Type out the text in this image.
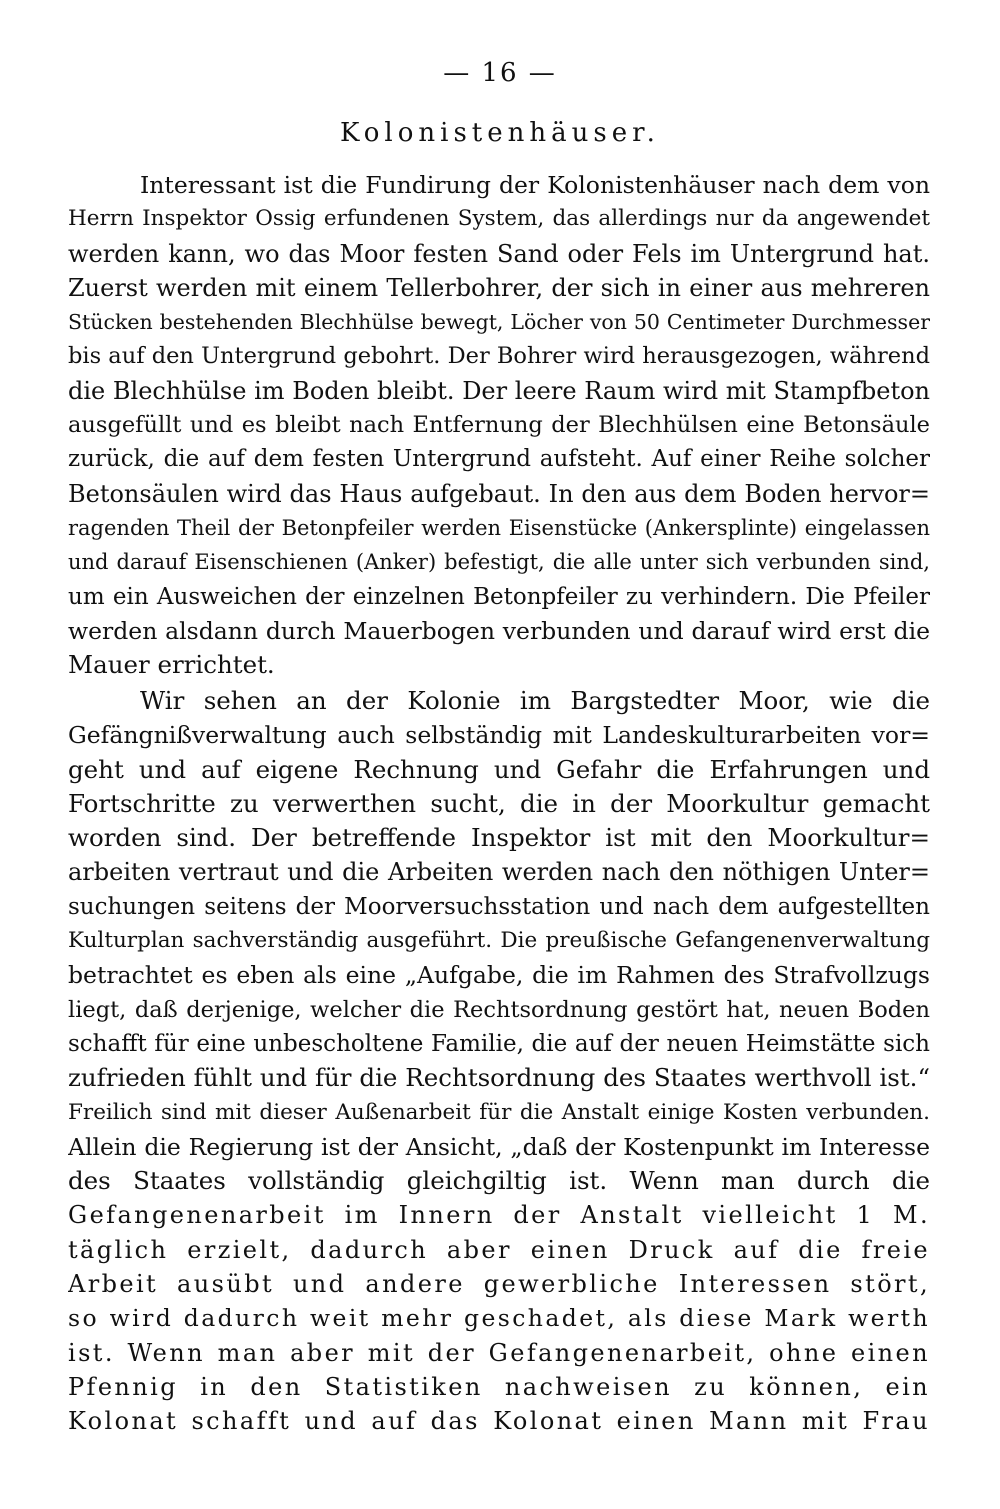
— 16 —
Kolonistenhäuser.
Interessant ist die Fundirung der Kolonistenhäuser nach dem von
Herrn Inspektor Ossig erfundenen System, das allerdings nur da angewendet
werden kann, wo das Moor festen Sand oder Fels im Untergrund hat.
Zuerst werden mit einem Tellerbohrer, der sich in einer aus mehreren
Stücken bestehenden Blechhülse bewegt, Löcher von 50 Centimeter Durchmesser
bis auf den Untergrund gebohrt. Der Bohrer wird herausgezogen, während
die Blechhülse im Boden bleibt. Der leere Raum wird mit Stampfbeton
ausgefüllt und es bleibt nach Entfernung der Blechhülsen eine Betonsäule
zurück, die auf dem festen Untergrund aufsteht. Auf einer Reihe solcher
Betonsäulen wird das Haus aufgebaut. In den aus dem Boden hervor=
ragenden Theil der Betonpfeiler werden Eisenstücke (Ankersplinte) eingelassen
und darauf Eisenschienen (Anker) befestigt, die alle unter sich verbunden sind,
um ein Ausweichen der einzelnen Betonpfeiler zu verhindern. Die Pfeiler
werden alsdann durch Mauerbogen verbunden und darauf wird erst die
Mauer errichtet.
Wir sehen an der Kolonie im Bargstedter Moor, wie die
Gefängnißverwaltung auch selbständig mit Landeskulturarbeiten vor=
geht und auf eigene Rechnung und Gefahr die Erfahrungen und
Fortschritte zu verwerthen sucht, die in der Moorkultur gemacht
worden sind. Der betreffende Inspektor ist mit den Moorkultur=
arbeiten vertraut und die Arbeiten werden nach den nöthigen Unter=
suchungen seitens der Moorversuchsstation und nach dem aufgestellten
Kulturplan sachverständig ausgeführt. Die preußische Gefangenenverwaltung
betrachtet es eben als eine „Aufgabe, die im Rahmen des Strafvollzugs
liegt, daß derjenige, welcher die Rechtsordnung gestört hat, neuen Boden
schafft für eine unbescholtene Familie, die auf der neuen Heimstätte sich
zufrieden fühlt und für die Rechtsordnung des Staates werthvoll ist.“
Freilich sind mit dieser Außenarbeit für die Anstalt einige Kosten verbunden.
Allein die Regierung ist der Ansicht, „daß der Kostenpunkt im Interesse
des Staates vollständig gleichgiltig ist. Wenn man durch die
Gefangenenarbeit im Innern der Anstalt vielleicht 1 M.
täglich erzielt, dadurch aber einen Druck auf die freie
Arbeit ausübt und andere gewerbliche Interessen stört,
so wird dadurch weit mehr geschadet, als diese Mark werth
ist. Wenn man aber mit der Gefangenenarbeit, ohne einen
Pfennig in den Statistiken nachweisen zu können, ein
Kolonat schafft und auf das Kolonat einen Mann mit Frau
